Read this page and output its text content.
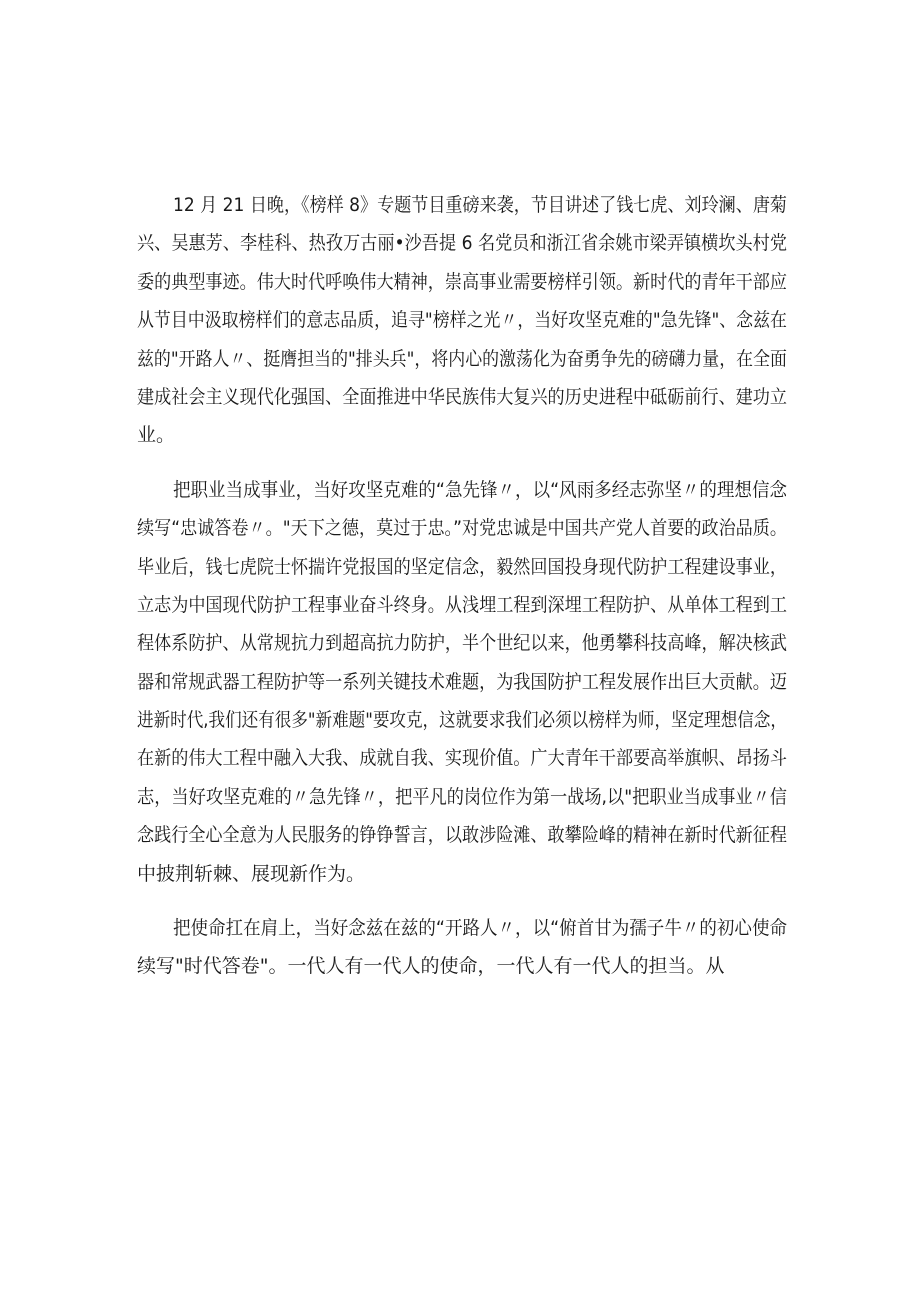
12 月 21 日晚，《榜样 8》专题节目重磅来袭，节目讲述了钱七虎、刘玲澜、唐菊
兴、吴惠芳、李桂科、热孜万古丽•沙吾提 6 名党员和浙江省余姚市梁弄镇横坎头村党
委的典型事迹。伟大时代呼唤伟大精神，崇高事业需要榜样引领。新时代的青年干部应
从节目中汲取榜样们的意志品质，追寻"榜样之光〃，当好攻坚克难的"急先锋"、念兹在
兹的"开路人〃、挺膺担当的"排头兵"，将内心的激荡化为奋勇争先的磅礴力量，在全面
建成社会主义现代化强国、全面推进中华民族伟大复兴的历史进程中砥砺前行、建功立
业。
把职业当成事业，当好攻坚克难的“急先锋〃，以“风雨多经志弥坚〃的理想信念
续写“忠诚答卷〃。"天下之德，莫过于忠。”对党忠诚是中国共产党人首要的政治品质。
毕业后，钱七虎院士怀揣许党报国的坚定信念，毅然回国投身现代防护工程建设事业，
立志为中国现代防护工程事业奋斗终身。从浅埋工程到深埋工程防护、从单体工程到工
程体系防护、从常规抗力到超高抗力防护，半个世纪以来，他勇攀科技高峰，解决核武
器和常规武器工程防护等一系列关键技术难题，为我国防护工程发展作出巨大贡献。迈
进新时代,我们还有很多"新难题"要攻克，这就要求我们必须以榜样为师，坚定理想信念，
在新的伟大工程中融入大我、成就自我、实现价值。广大青年干部要高举旗帜、昂扬斗
志，当好攻坚克难的〃急先锋〃，把平凡的岗位作为第一战场,以"把职业当成事业〃信
念践行全心全意为人民服务的铮铮誓言，以敢涉险滩、敢攀险峰的精神在新时代新征程
中披荆斩棘、展现新作为。
把使命扛在肩上，当好念兹在兹的“开路人〃，以“俯首甘为孺子牛〃的初心使命
续写"时代答卷"。一代人有一代人的使命，一代人有一代人的担当。从
